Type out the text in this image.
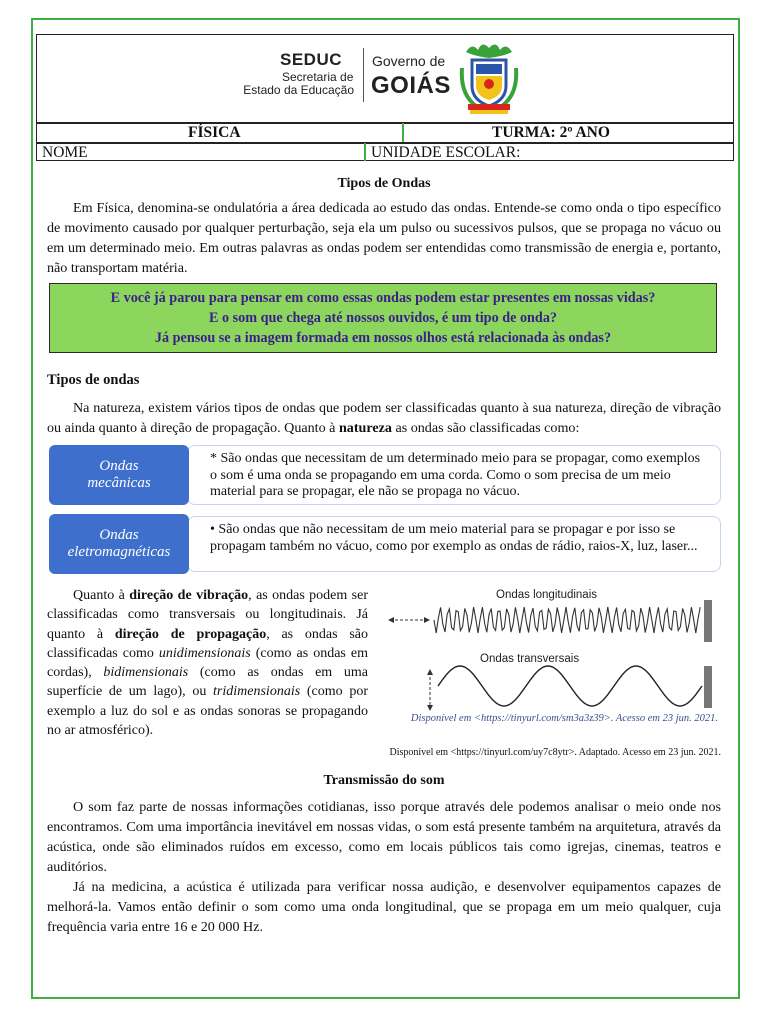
SEDUC
Secretaria de
Estado da Educação
Governo de
GOIÁS
FÍSICA	TURMA: 2º ANO
NOME	UNIDADE ESCOLAR:
Tipos de Ondas

Em Física, denomina-se ondulatória a área dedicada ao estudo das ondas. Entende-se como onda o tipo específico de movimento causado por qualquer perturbação, seja ela um pulso ou sucessivos pulsos, que se propaga no vácuo ou em um determinado meio. Em outras palavras as ondas podem ser entendidas como transmissão de energia e, portanto, não transportam matéria.

E você já parou para pensar em como essas ondas podem estar presentes em nossas vidas?
E o som que chega até nossos ouvidos, é um tipo de onda?
Já pensou se a imagem formada em nossos olhos está relacionada às ondas?
Tipos de ondas

Na natureza, existem vários tipos de ondas que podem ser classificadas quanto à sua natureza, direção de vibração ou ainda quanto à direção de propagação. Quanto à natureza as ondas são classificadas como:

* São ondas que necessitam de um determinado meio para se propagar, como exemplos o som é uma onda se propagando em uma corda. Como o som precisa de um meio material para se propagar, ele não se propaga no vácuo.
Ondas
mecânicas
• São ondas que não necessitam de um meio material para se propagar e por isso se propagam também no vácuo, como por exemplo as ondas de rádio, raios-X, luz, laser...
Ondas
eletromagnéticas

Quanto à direção de vibração, as ondas podem ser classificadas como transversais ou longitudinais. Já quanto à direção de propagação, as ondas são classificadas como unidimensionais (como as ondas em cordas), bidimensionais (como as ondas em uma superfície de um lago), ou tridimensionais (como por exemplo a luz do sol e as ondas sonoras se propagando no ar atmosférico).

Ondas longitudinais
Ondas transversais
Disponível em <https://tinyurl.com/sm3a3z39>. Acesso em 23 jun. 2021.
Disponível em <https://tinyurl.com/uy7c8ytr>. Adaptado. Acesso em 23 jun. 2021.
Transmissão do som

O som faz parte de nossas informações cotidianas, isso porque através dele podemos analisar o meio onde nos encontramos. Com uma importância inevitável em nossas vidas, o som está presente também na arquitetura, através da acústica, onde são eliminados ruídos em excesso, como em locais públicos tais como igrejas, cinemas, teatros e auditórios.

Já na medicina, a acústica é utilizada para verificar nossa audição, e desenvolver equipamentos capazes de melhorá-la. Vamos então definir o som como uma onda longitudinal, que se propaga em um meio qualquer, cuja frequência varia entre 16 e 20 000 Hz.
